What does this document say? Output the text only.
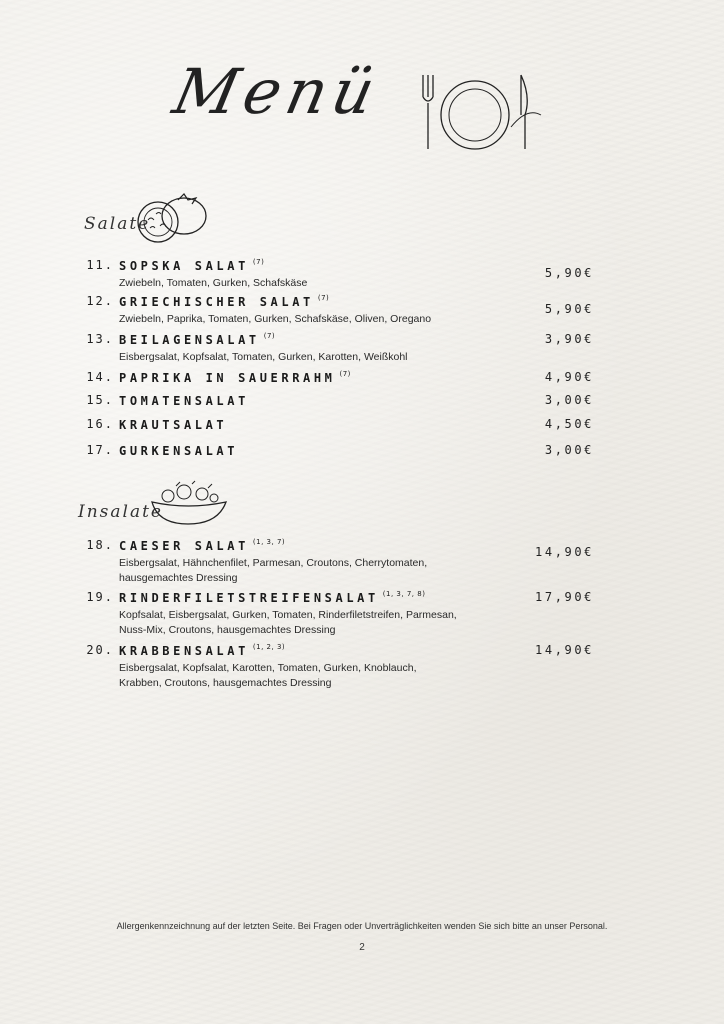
Menü
Salate
11. SOPSKA SALAT $^{(7)}$
Zwiebeln, Tomaten, Gurken, Schafskäse
5,90€
12. GRIECHISCHER SALAT $^{(7)}$
Zwiebeln, Paprika, Tomaten, Gurken, Schafskäse, Oliven, Oregano
5,90€
13. BEILAGENSALAT $^{(7)}$
Eisbergsalat, Kopfsalat, Tomaten, Gurken, Karotten, Weißkohl
3,90€
14. PAPRIKA IN SAUERRAHM $^{(7)}$	4,90€
15. TOMATENSALAT	3,00€
16. KRAUTSALAT	4,50€
17. GURKENSALAT	3,00€
Insalate
18. CAESER SALAT $^{(1, 3, 7)}$
Eisbergsalat, Hähnchenfilet, Parmesan, Croutons, Cherrytomaten, hausgemachtes Dressing
14,90€
19. RINDERFILETSTREIFENSALAT $^{(1, 3, 7, 8)}$
Kopfsalat, Eisbergsalat, Gurken, Tomaten, Rinderfiletstreifen, Parmesan, Nuss-Mix, Croutons, hausgemachtes Dressing
17,90€
20. KRABBENSALAT $^{(1, 2, 3)}$
Eisbergsalat, Kopfsalat, Karotten, Tomaten, Gurken, Knoblauch, Krabben, Croutons, hausgemachtes Dressing
14,90€
Allergenkennzeichnung auf der letzten Seite. Bei Fragen oder Unverträglichkeiten wenden Sie sich bitte an unser Personal.
2
